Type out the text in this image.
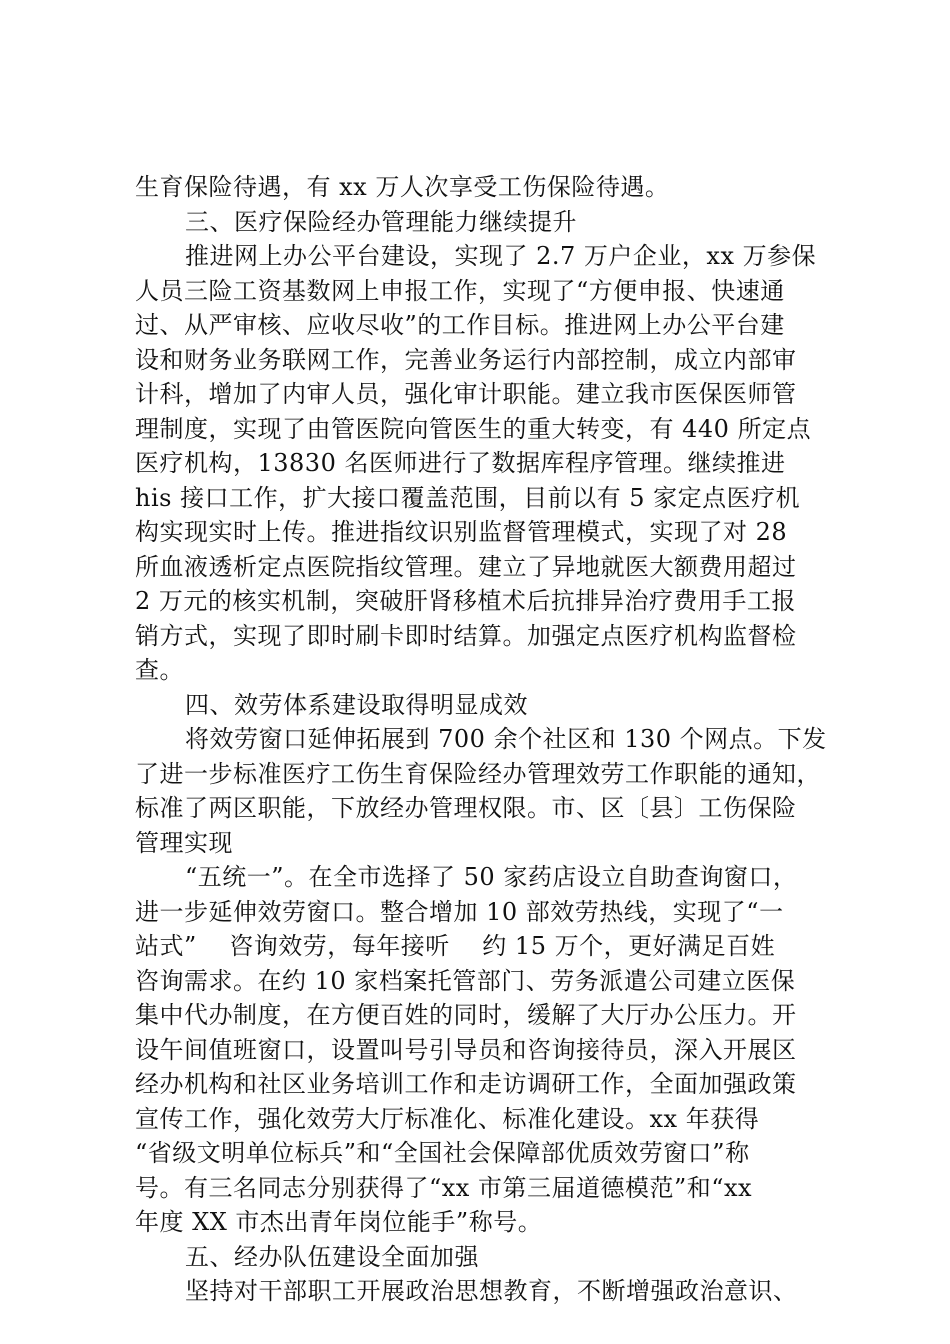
生育保险待遇，有 xx 万人次享受工伤保险待遇。
三、医疗保险经办管理能力继续提升
推进网上办公平台建设，实现了 2.7 万户企业，xx 万参保
人员三险工资基数网上申报工作，实现了“方便申报、快速通
过、从严审核、应收尽收”的工作目标。推进网上办公平台建
设和财务业务联网工作，完善业务运行内部控制，成立内部审
计科，增加了内审人员，强化审计职能。建立我市医保医师管
理制度，实现了由管医院向管医生的重大转变，有 440 所定点
医疗机构，13830 名医师进行了数据库程序管理。继续推进
his 接口工作，扩大接口覆盖范围，目前以有 5 家定点医疗机
构实现实时上传。推进指纹识别监督管理模式，实现了对 28
所血液透析定点医院指纹管理。建立了异地就医大额费用超过
2 万元的核实机制，突破肝肾移植术后抗排异治疗费用手工报
销方式，实现了即时刷卡即时结算。加强定点医疗机构监督检
查。
四、效劳体系建设取得明显成效
将效劳窗口延伸拓展到 700 余个社区和 130 个网点。下发
了进一步标准医疗工伤生育保险经办管理效劳工作职能的通知，
标准了两区职能，下放经办管理权限。市、区〔县〕工伤保险
管理实现
“五统一”。在全市选择了 50 家药店设立自助查询窗口，
进一步延伸效劳窗口。整合增加 10 部效劳热线，实现了“一
站式”    咨询效劳，每年接听    约 15 万个，更好满足百姓
咨询需求。在约 10 家档案托管部门、劳务派遣公司建立医保
集中代办制度，在方便百姓的同时，缓解了大厅办公压力。开
设午间值班窗口，设置叫号引导员和咨询接待员，深入开展区
经办机构和社区业务培训工作和走访调研工作，全面加强政策
宣传工作，强化效劳大厅标准化、标准化建设。xx 年获得
“省级文明单位标兵”和“全国社会保障部优质效劳窗口”称
号。有三名同志分别获得了“xx 市第三届道德模范”和“xx
年度 XX 市杰出青年岗位能手”称号。
五、经办队伍建设全面加强
坚持对干部职工开展政治思想教育，不断增强政治意识、
